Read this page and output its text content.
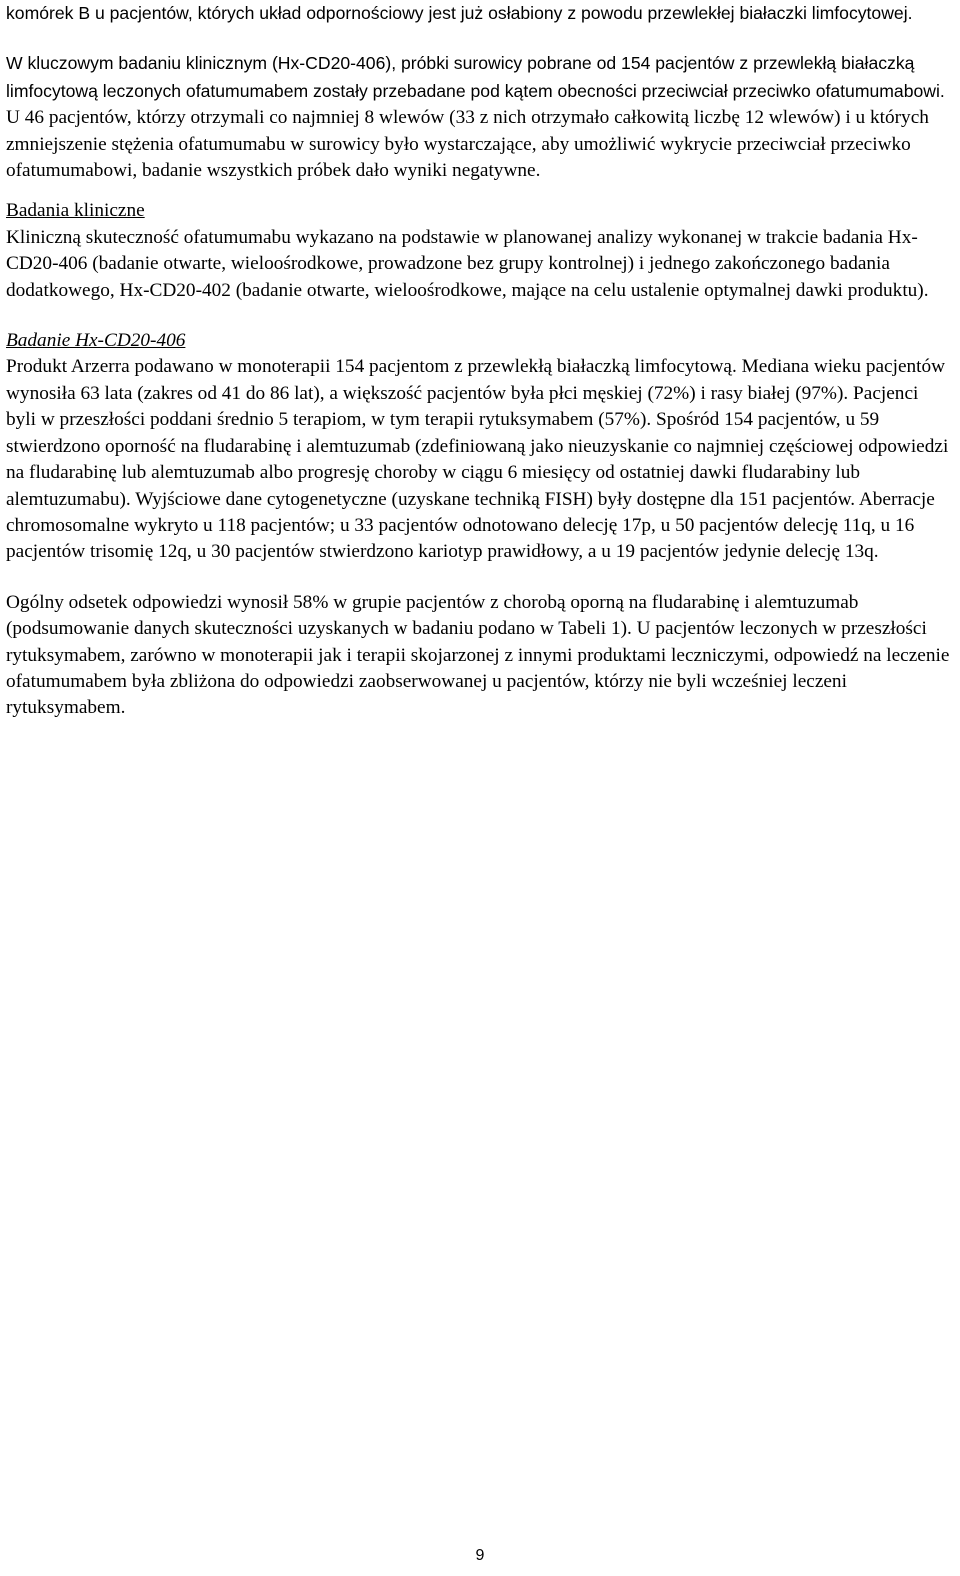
komórek B u pacjentów, których układ odpornościowy jest już osłabiony z powodu przewlekłej białaczki limfocytowej.

W kluczowym badaniu klinicznym (Hx-CD20-406), próbki surowicy pobrane od 154 pacjentów z przewlekłą białaczką limfocytową leczonych ofatumumabem zostały przebadane pod kątem obecności przeciwciał przeciwko ofatumumabowi. U 46 pacjentów, którzy otrzymali co najmniej 8 wlewów (33 z nich otrzymało całkowitą liczbę 12 wlewów) i u których zmniejszenie stężenia ofatumumabu w surowicy było wystarczające, aby umożliwić wykrycie przeciwciał przeciwko ofatumumabowi, badanie wszystkich próbek dało wyniki negatywne.

Badania kliniczne

Kliniczną skuteczność ofatumumabu wykazano na podstawie w planowanej analizy wykonanej w trakcie badania Hx-CD20-406 (badanie otwarte, wieloośrodkowe, prowadzone bez grupy kontrolnej) i jednego zakończonego badania dodatkowego, Hx-CD20-402 (badanie otwarte, wieloośrodkowe, mające na celu ustalenie optymalnej dawki produktu).

Badanie Hx-CD20-406

Produkt Arzerra podawano w monoterapii 154 pacjentom z przewlekłą białaczką limfocytową. Mediana wieku pacjentów wynosiła 63 lata (zakres od 41 do 86 lat), a większość pacjentów była płci męskiej (72%) i rasy białej (97%). Pacjenci byli w przeszłości poddani średnio 5 terapiom, w tym terapii rytuksymabem (57%). Spośród 154 pacjentów, u 59 stwierdzono oporność na fludarabinę i alemtuzumab (zdefiniowaną jako nieuzyskanie co najmniej częściowej odpowiedzi na fludarabinę lub alemtuzumab albo progresję choroby w ciągu 6 miesięcy od ostatniej dawki fludarabiny lub alemtuzumabu). Wyjściowe dane cytogenetyczne (uzyskane techniką FISH) były dostępne dla 151 pacjentów. Aberracje chromosomalne wykryto u 118 pacjentów; u 33 pacjentów odnotowano delecję 17p, u 50 pacjentów delecję 11q, u 16 pacjentów trisomię 12q, u 30 pacjentów stwierdzono kariotyp prawidłowy, a u 19 pacjentów jedynie delecję 13q.

Ogólny odsetek odpowiedzi wynosił 58% w grupie pacjentów z chorobą oporną na fludarabinę i alemtuzumab (podsumowanie danych skuteczności uzyskanych w badaniu podano w Tabeli 1). U pacjentów leczonych w przeszłości rytuksymabem, zarówno w monoterapii jak i terapii skojarzonej z innymi produktami leczniczymi, odpowiedź na leczenie ofatumumabem była zbliżona do odpowiedzi zaobserwowanej u pacjentów, którzy nie byli wcześniej leczeni rytuksymabem.

9
